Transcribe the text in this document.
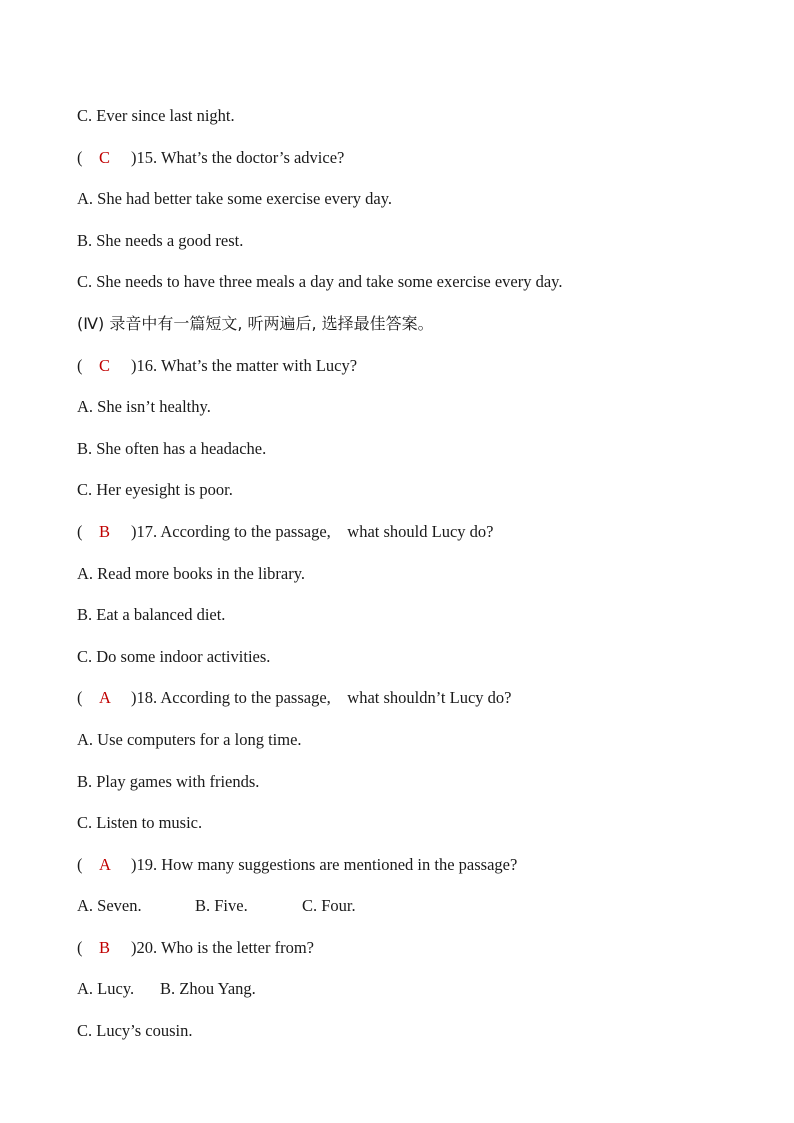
C. Ever since last night.
(	C	)15. What’s the doctor’s advice?
A. She had better take some exercise every day.
B. She needs a good rest.
C. She needs to have three meals a day and take some exercise every day.
(Ⅳ) 录音中有一篇短文, 听两遍后, 选择最佳答案。
(	C	)16. What’s the matter with Lucy?
A. She isn’t healthy.
B. She often has a headache.
C. Her eyesight is poor.
(	B	)17. According to the passage,    what should Lucy do?
A. Read more books in the library.
B. Eat a balanced diet.
C. Do some indoor activities.
(	A	)18. According to the passage,    what shouldn’t Lucy do?
A. Use computers for a long time.
B. Play games with friends.
C. Listen to music.
(	A	)19. How many suggestions are mentioned in the passage?
A. Seven.	B. Five.	C. Four.
(	B	)20. Who is the letter from?
A. Lucy.	B. Zhou Yang.
C. Lucy’s cousin.
